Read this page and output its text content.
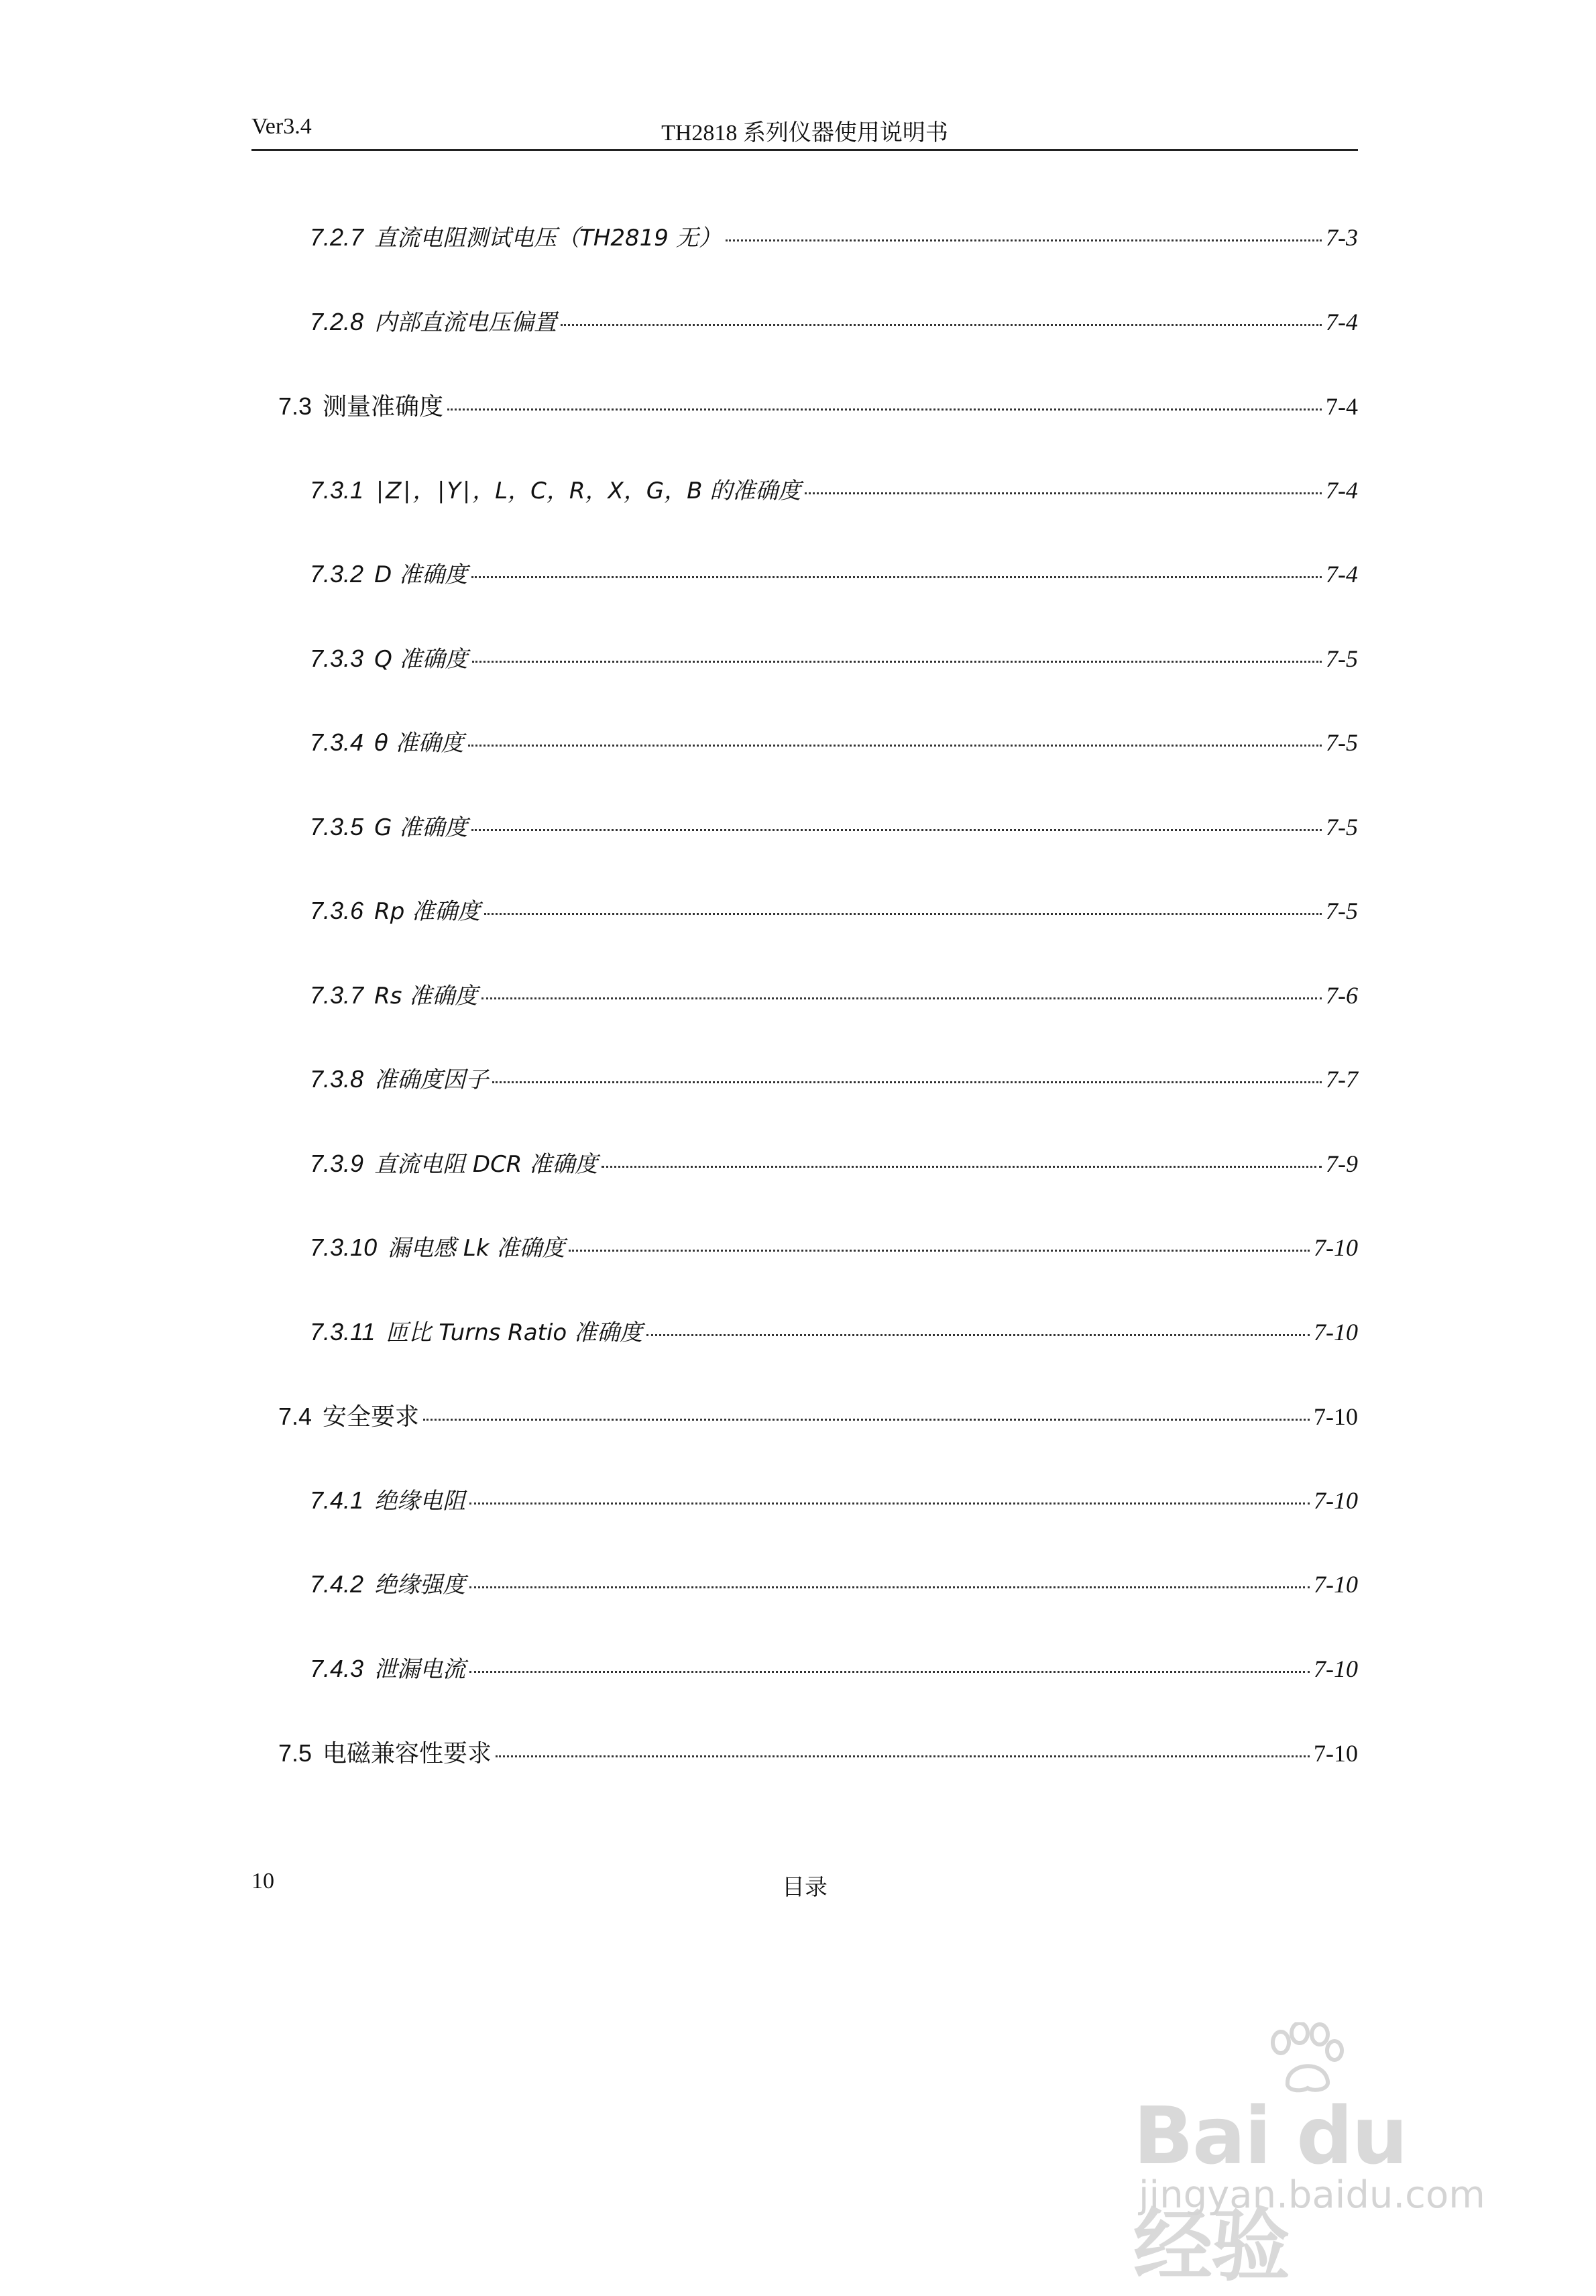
Ver3.4	TH2818 系列仪器使用说明书
7.2.7 直流电阻测试电压（TH2819 无）	7-3
7.2.8 内部直流电压偏置	7-4
7.3 测量准确度	7-4
7.3.1 ∣Z∣，∣Y∣，L，C，R，X，G，B 的准确度	7-4
7.3.2 D 准确度	7-4
7.3.3 Q 准确度	7-5
7.3.4 θ 准确度	7-5
7.3.5 G 准确度	7-5
7.3.6 Rp 准确度	7-5
7.3.7 Rs 准确度	7-6
7.3.8 准确度因子	7-7
7.3.9 直流电阻 DCR 准确度	7-9
7.3.10 漏电感 Lk 准确度	7-10
7.3.11 匝比 Turns Ratio 准确度	7-10
7.4 安全要求	7-10
7.4.1 绝缘电阻	7-10
7.4.2 绝缘强度	7-10
7.4.3 泄漏电流	7-10
7.5 电磁兼容性要求	7-10
10	目录
Bai du 经验
jingyan.baidu.com
